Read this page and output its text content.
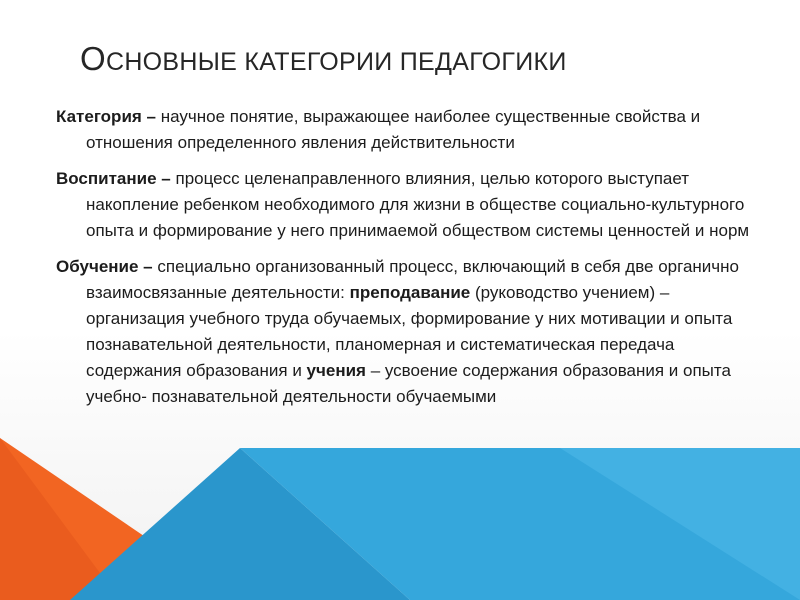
ОСНОВНЫЕ КАТЕГОРИИ ПЕДАГОГИКИ

Категория – научное понятие, выражающее наиболее существенные свойства и отношения определенного явления действительности

Воспитание – процесс целенаправленного влияния, целью которого выступает накопление ребенком необходимого для жизни в обществе социально-культурного опыта и формирование у него принимаемой обществом системы ценностей и норм

Обучение – специально организованный процесс, включающий в себя две органично взаимосвязанные деятельности: преподавание (руководство учением) – организация учебного труда обучаемых, формирование у них мотивации и опыта познавательной деятельности, планомерная и систематическая передача содержания образования и учения – усвоение содержания образования и опыта учебно- познавательной деятельности обучаемыми
